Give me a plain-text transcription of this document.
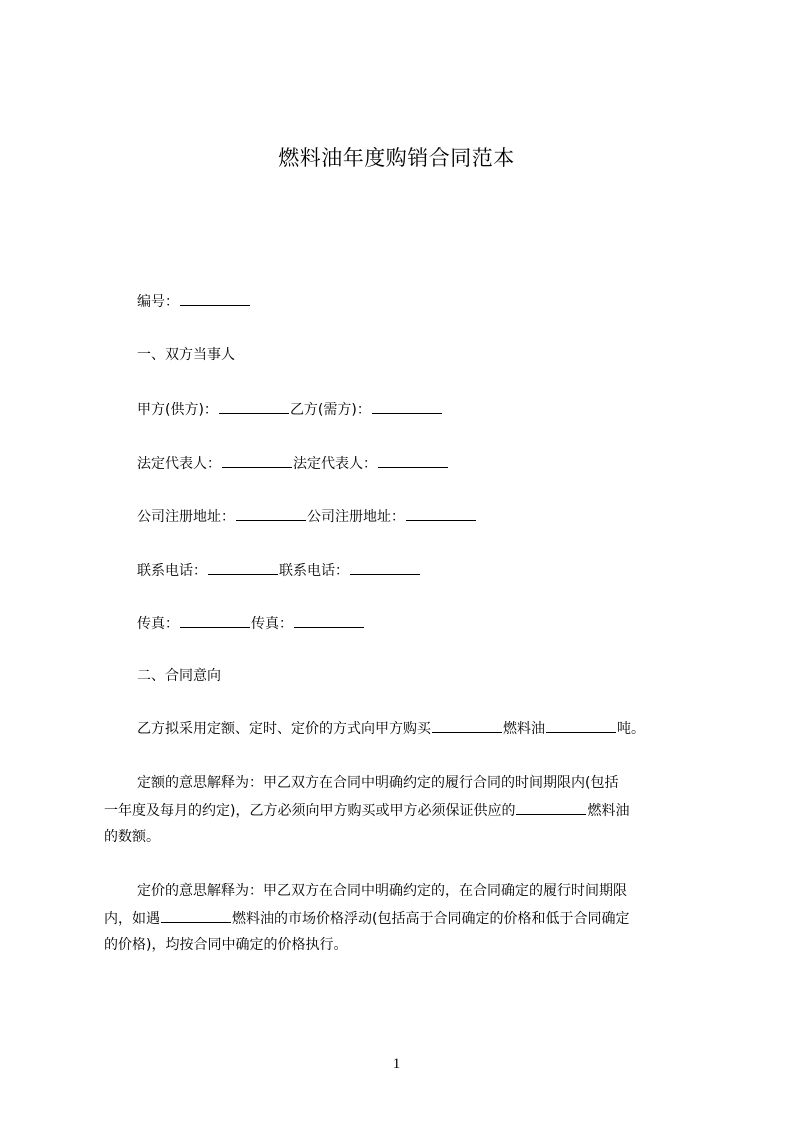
燃料油年度购销合同范本
编号：
一、双方当事人
甲方(供方)：	乙方(需方)：
法定代表人：	法定代表人：
公司注册地址：	公司注册地址：
联系电话：	联系电话：
传真：	传真：
二、合同意向
乙方拟采用定额、定时、定价的方式向甲方购买	燃料油	吨。
定额的意思解释为：甲乙双方在合同中明确约定的履行合同的时间期限内(包括
一年度及每月的约定)，乙方必须向甲方购买或甲方必须保证供应的	燃料油
的数额。
定价的意思解释为：甲乙双方在合同中明确约定的，在合同确定的履行时间期限
内，如遇	燃料油的市场价格浮动(包括高于合同确定的价格和低于合同确定
的价格)，均按合同中确定的价格执行。
1
